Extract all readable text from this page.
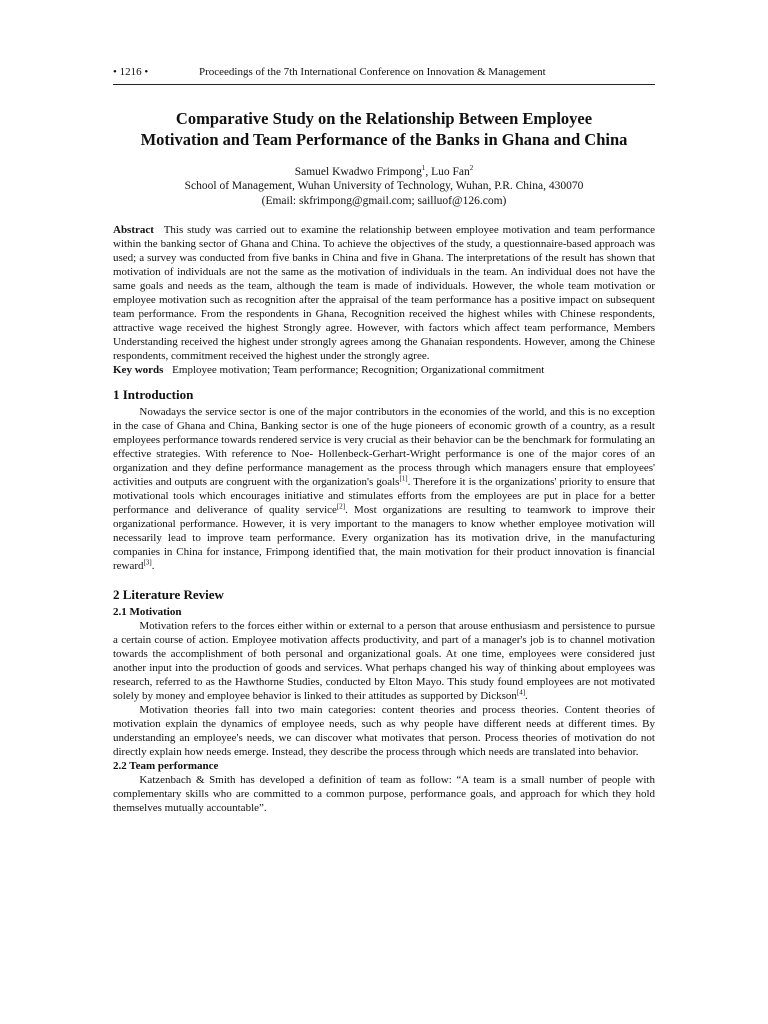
• 1216 •	Proceedings of the 7th International Conference on Innovation & Management
Comparative Study on the Relationship Between Employee
Motivation and Team Performance of the Banks in Ghana and China
Samuel Kwadwo Frimpong$^1$, Luo Fan$^2$
School of Management, Wuhan University of Technology, Wuhan, P.R. China, 430070
(Email: skfrimpong@gmail.com; sailluof@126.com)

Abstract This study was carried out to examine the relationship between employee motivation and team performance within the banking sector of Ghana and China. To achieve the objectives of the study, a questionnaire-based approach was used; a survey was conducted from five banks in China and five in Ghana. The interpretations of the result has shown that motivation of individuals are not the same as the motivation of individuals in the team. An individual does not have the same goals and needs as the team, although the team is made of individuals. However, the whole team motivation or employee motivation such as recognition after the appraisal of the team performance has a positive impact on subsequent team performance. From the respondents in Ghana, Recognition received the highest whiles with Chinese respondents, attractive wage received the highest Strongly agree. However, with factors which affect team performance, Members Understanding received the highest under strongly agrees among the Ghanaian respondents. However, among the Chinese respondents, commitment received the highest under the strongly agree.

Key words Employee motivation; Team performance; Recognition; Organizational commitment

1 Introduction

Nowadays the service sector is one of the major contributors in the economies of the world, and this is no exception in the case of Ghana and China, Banking sector is one of the huge pioneers of economic growth of a country, as a result employees performance towards rendered service is very crucial as their behavior can be the benchmark for formulating an effective strategies. With reference to Noe- Hollenbeck-Gerhart-Wright performance is one of the major cores of an organization and they define performance management as the process through which managers ensure that employees' activities and outputs are congruent with the organization's goals[1]. Therefore it is the organizations' priority to ensure that motivational tools which encourages initiative and stimulates efforts from the employees are put in place for a better performance and deliverance of quality service[2]. Most organizations are resulting to teamwork to improve their organizational performance. However, it is very important to the managers to know whether employee motivation will necessarily lead to improve team performance. Every organization has its motivation drive, in the manufacturing companies in China for instance, Frimpong identified that, the main motivation for their product innovation is financial reward[3].

2 Literature Review
2.1 Motivation

Motivation refers to the forces either within or external to a person that arouse enthusiasm and persistence to pursue a certain course of action. Employee motivation affects productivity, and part of a manager's job is to channel motivation towards the accomplishment of both personal and organizational goals. At one time, employees were considered just another input into the production of goods and services. What perhaps changed his way of thinking about employees was research, referred to as the Hawthorne Studies, conducted by Elton Mayo. This study found employees are not motivated solely by money and employee behavior is linked to their attitudes as supported by Dickson[4].

Motivation theories fall into two main categories: content theories and process theories. Content theories of motivation explain the dynamics of employee needs, such as why people have different needs at different times. By understanding an employee's needs, we can discover what motivates that person. Process theories of motivation do not directly explain how needs emerge. Instead, they describe the process through which needs are translated into behavior.

2.2 Team performance

Katzenbach & Smith has developed a definition of team as follow: “A team is a small number of people with complementary skills who are committed to a common purpose, performance goals, and approach for which they hold themselves mutually accountable”.
